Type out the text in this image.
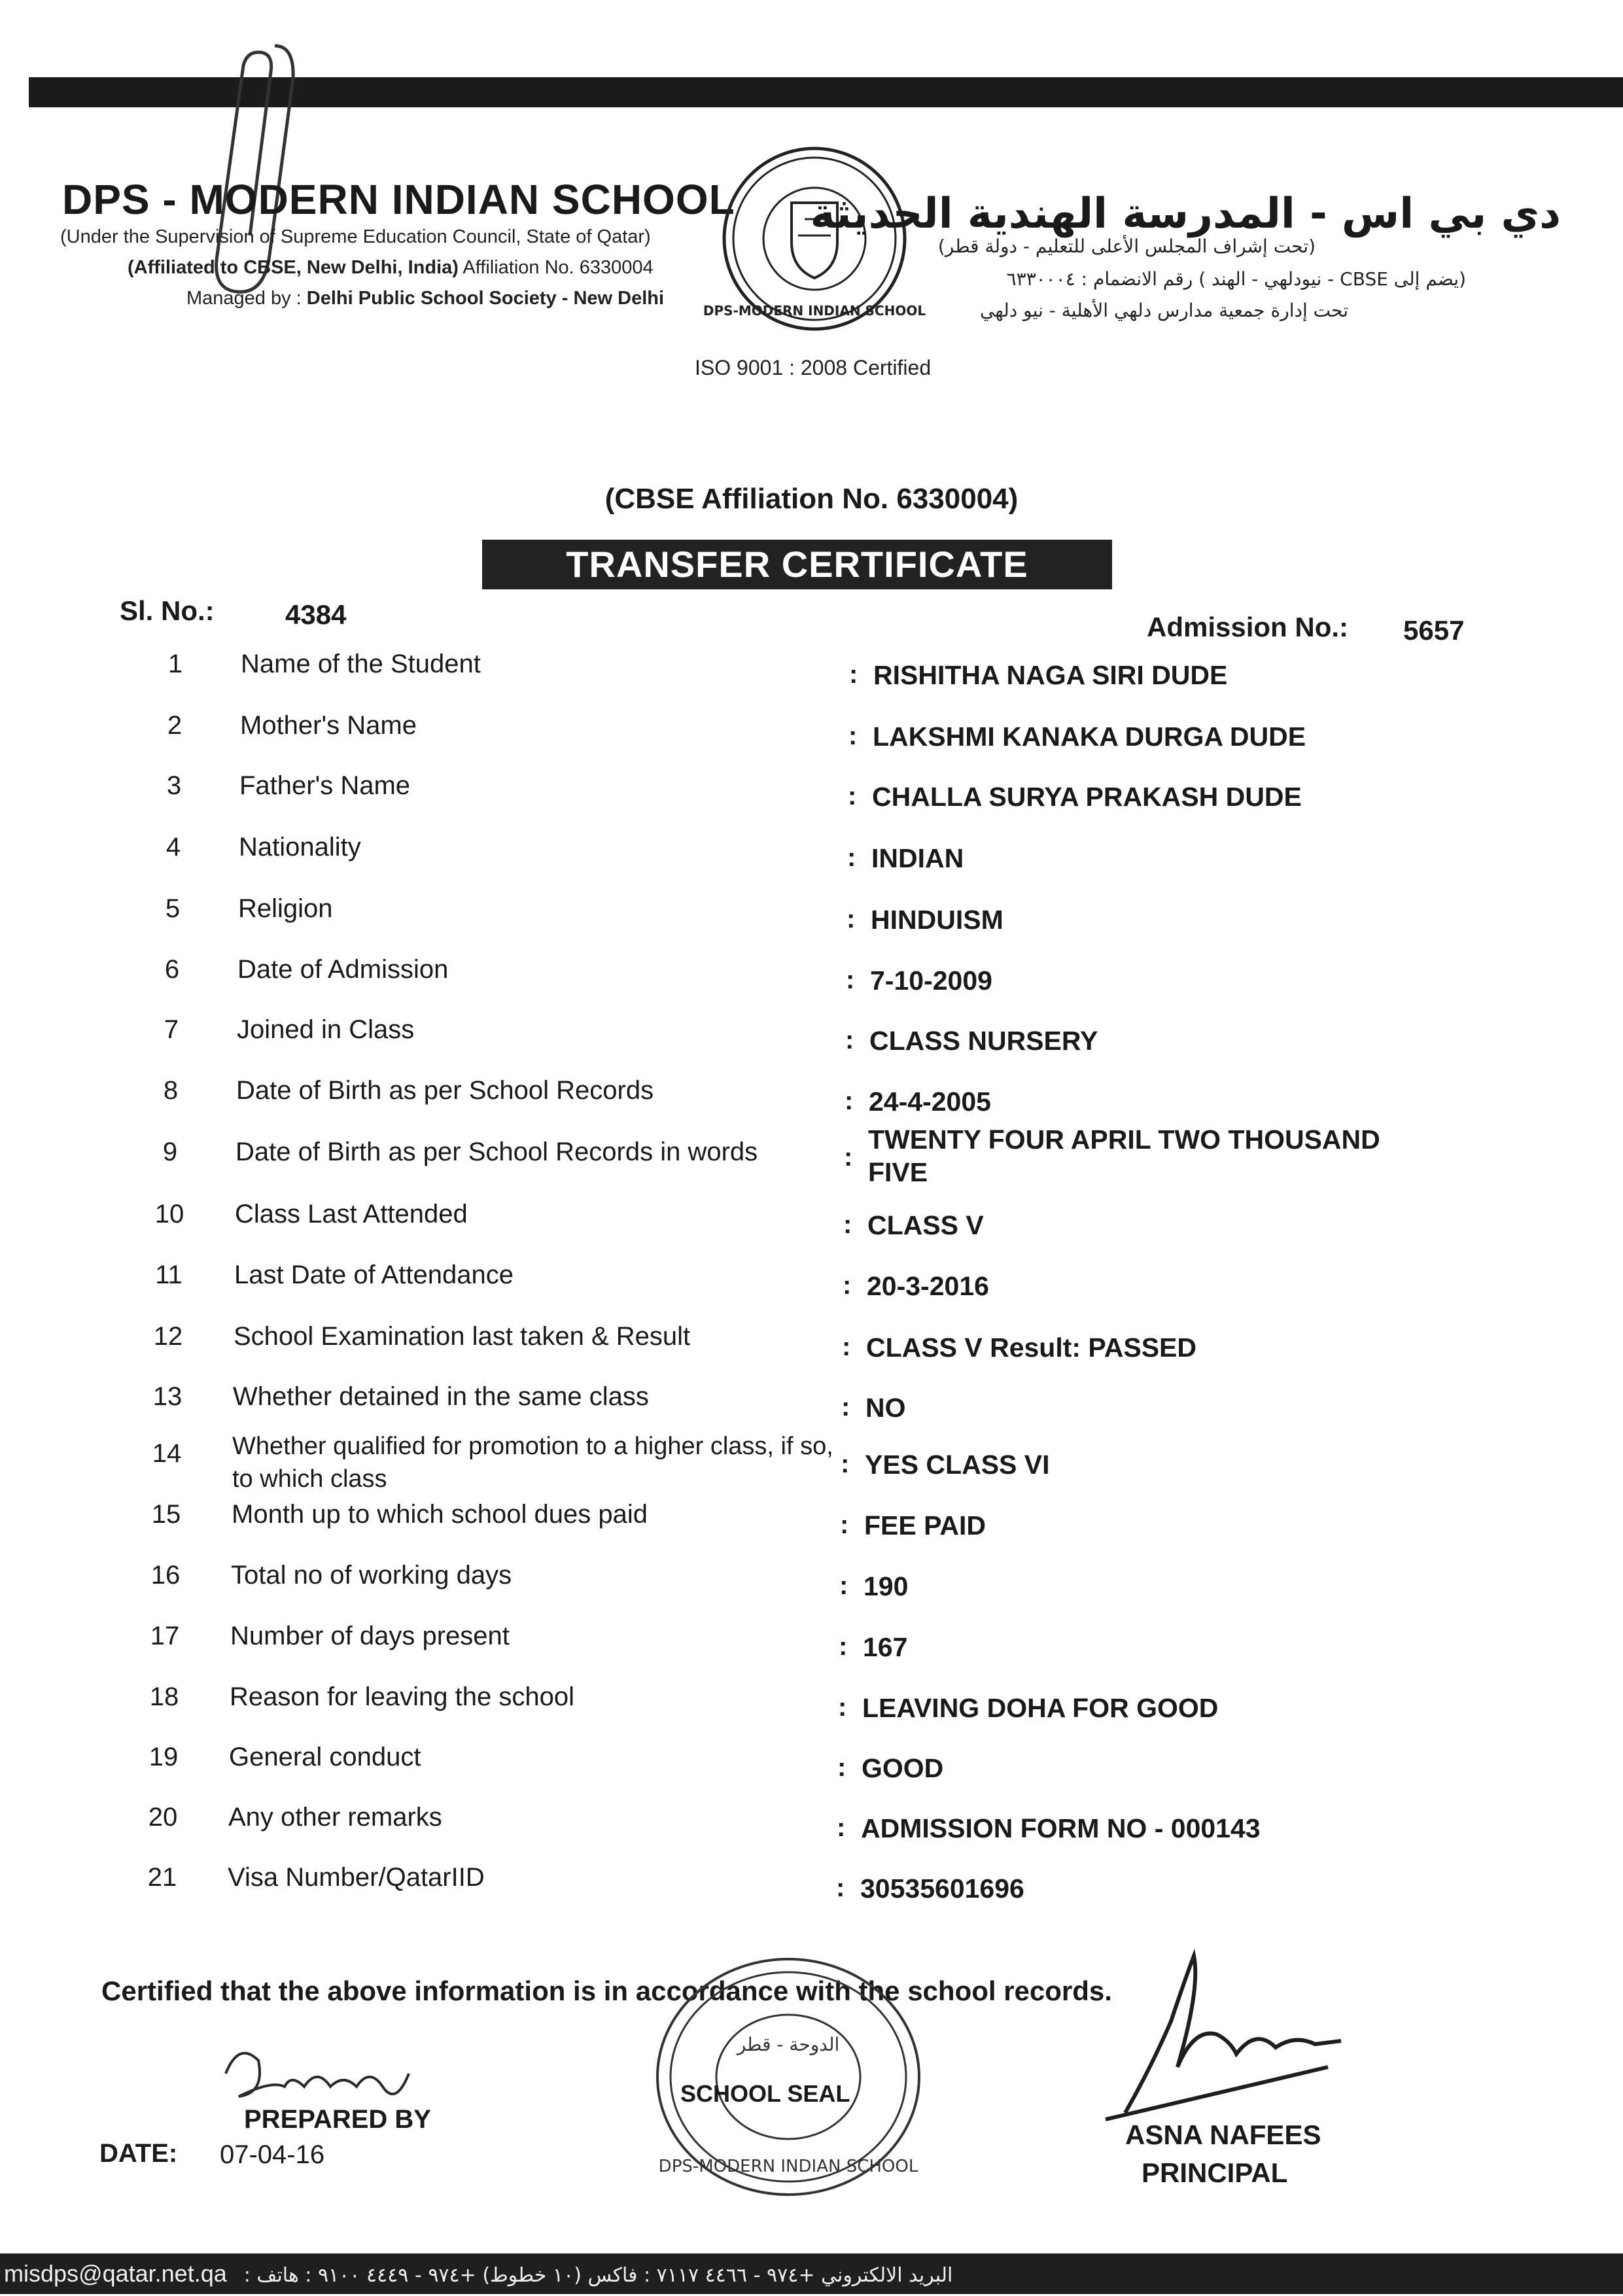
DPS - MODERN INDIAN SCHOOL
(Under the Supervision of Supreme Education Council, State of Qatar)
(Affiliated to CBSE, New Delhi, India) Affiliation No. 6330004
Managed by : Delhi Public School Society - New Delhi
DPS-MODERN INDIAN SCHOOL
ISO 9001 : 2008 Certified
دي بي اس - المدرسة الهندية الحديثة
(تحت إشراف المجلس الأعلى للتعليم - دولة قطر)
(يضم إلى CBSE - نيودلهي - الهند ) رقم الانضمام : ٦٣٣٠٠٠٤
تحت إدارة جمعية مدارس دلهي الأهلية - نيو دلهي
(CBSE Affiliation No. 6330004)
TRANSFER CERTIFICATE
Sl. No.:	4384	Admission No.: 5657
1	Name of the Student	: RISHITHA NAGA SIRI DUDE
2	Mother's Name	: LAKSHMI KANAKA DURGA DUDE
3	Father's Name	: CHALLA SURYA PRAKASH DUDE
4	Nationality	: INDIAN
5	Religion	: HINDUISM
6	Date of Admission	: 7-10-2009
7	Joined in Class	: CLASS NURSERY
8	Date of Birth as per School Records	: 24-4-2005
9	Date of Birth as per School Records in words	:
TWENTY FOUR APRIL TWO THOUSAND FIVE
10	Class Last Attended	: CLASS V
11	Last Date of Attendance	: 20-3-2016
12	School Examination last taken & Result	: CLASS V Result: PASSED
13	Whether detained in the same class	: NO
14	Whether qualified for promotion to a higher class, if so, to which class
: YES CLASS VI
15	Month up to which school dues paid	: FEE PAID
16	Total no of working days	: 190
17	Number of days present	: 167
18	Reason for leaving the school	: LEAVING DOHA FOR GOOD
19	General conduct	: GOOD
20	Any other remarks	: ADMISSION FORM NO - 000143
21	Visa Number/QatarIID	: 30535601696
Certified that the above information is in accordance with the school records.
PREPARED BY
DATE: 07-04-16
الدوحة - قطر
DPS-MODERN INDIAN SCHOOL
SCHOOL SEAL
ASNA NAFEES
PRINCIPAL
misdps@qatar.net.qa : البريد الالكتروني +٩٧٤ - ٤٤٦٦ ٧١١٧ : فاكس (١٠ خطوط) +٩٧٤ - ٤٤٤٩ ٩١٠٠ : هاتف
